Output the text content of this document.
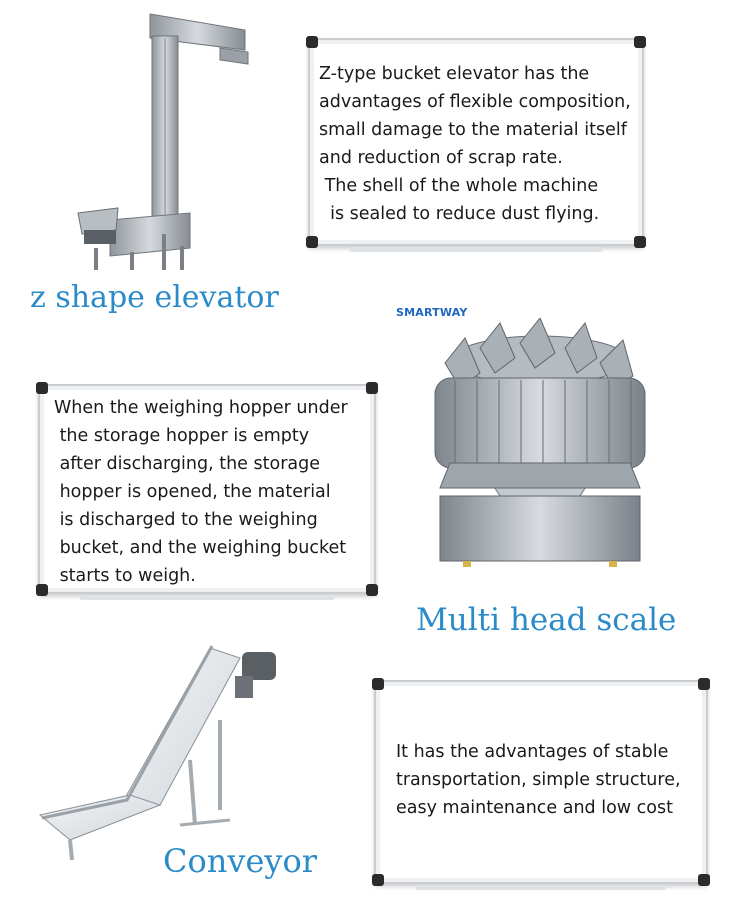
Z-type bucket elevator has the
advantages of flexible composition,
small damage to the material itself
and reduction of scrap rate.
The shell of the whole machine
is sealed to reduce dust flying.
z shape elevator	SMARTWAY
When the weighing hopper under
the storage hopper is empty
after discharging, the storage
hopper is opened, the material
is discharged to the weighing
bucket, and the weighing bucket
starts to weigh.
Multi head scale
Conveyor
It has the advantages of stable
transportation, simple structure,
easy maintenance and low cost
